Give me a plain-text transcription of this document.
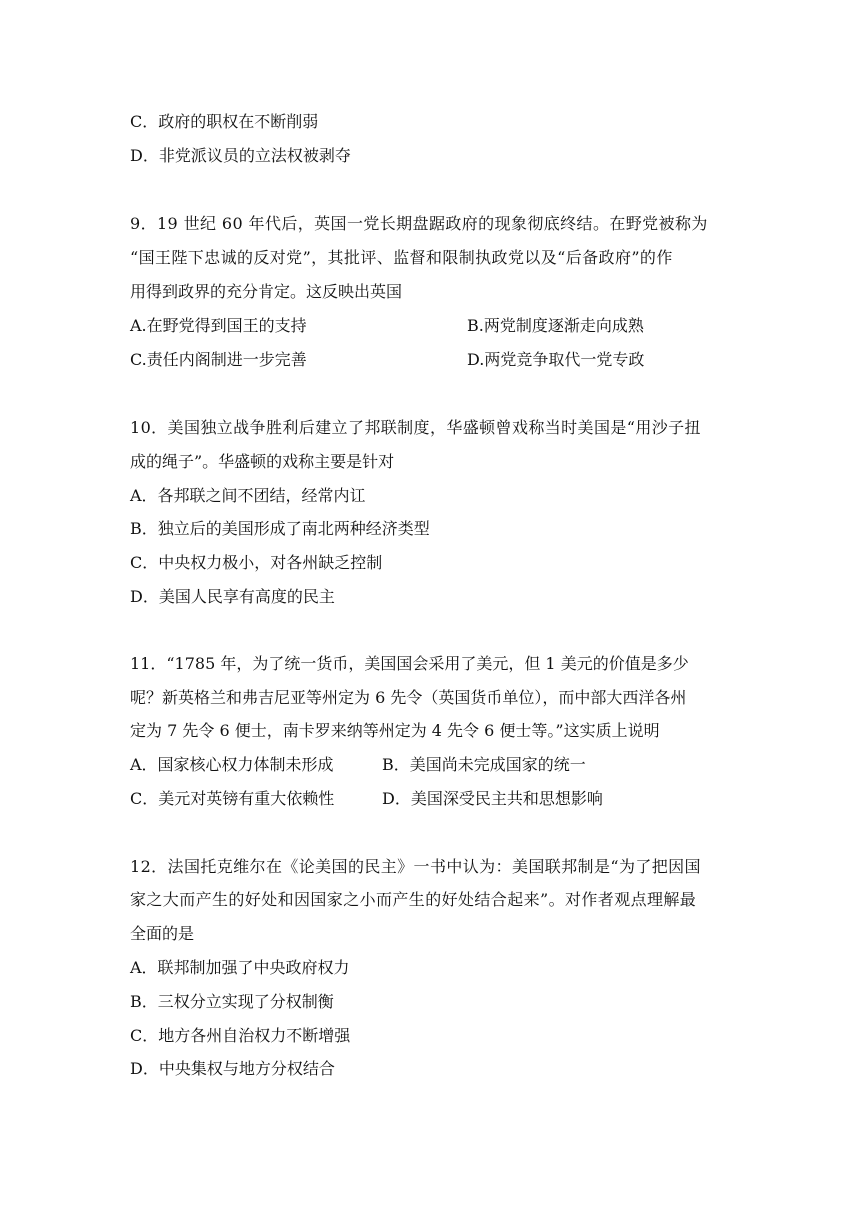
C．政府的职权在不断削弱
D．非党派议员的立法权被剥夺
9．19 世纪 60 年代后，英国一党长期盘踞政府的现象彻底终结。在野党被称为
“国王陛下忠诚的反对党”，其批评、监督和限制执政党以及“后备政府”的作
用得到政界的充分肯定。这反映出英国
A.在野党得到国王的支持	B.两党制度逐渐走向成熟
C.责任内阁制进一步完善	D.两党竞争取代一党专政
10．美国独立战争胜利后建立了邦联制度，华盛顿曾戏称当时美国是“用沙子扭
成的绳子”。华盛顿的戏称主要是针对
A．各邦联之间不团结，经常内讧
B．独立后的美国形成了南北两种经济类型
C．中央权力极小，对各州缺乏控制
D．美国人民享有高度的民主
11．“1785 年，为了统一货币，美国国会采用了美元，但 1 美元的价值是多少
呢？新英格兰和弗吉尼亚等州定为 6 先令（英国货币单位），而中部大西洋各州
定为 7 先令 6 便士，南卡罗来纳等州定为 4 先令 6 便士等。”这实质上说明
A．国家核心权力体制未形成	B．美国尚未完成国家的统一
C．美元对英镑有重大依赖性	D．美国深受民主共和思想影响
12．法国托克维尔在《论美国的民主》一书中认为：美国联邦制是“为了把因国
家之大而产生的好处和因国家之小而产生的好处结合起来”。对作者观点理解最
全面的是
A．联邦制加强了中央政府权力
B．三权分立实现了分权制衡
C．地方各州自治权力不断增强
D．中央集权与地方分权结合
